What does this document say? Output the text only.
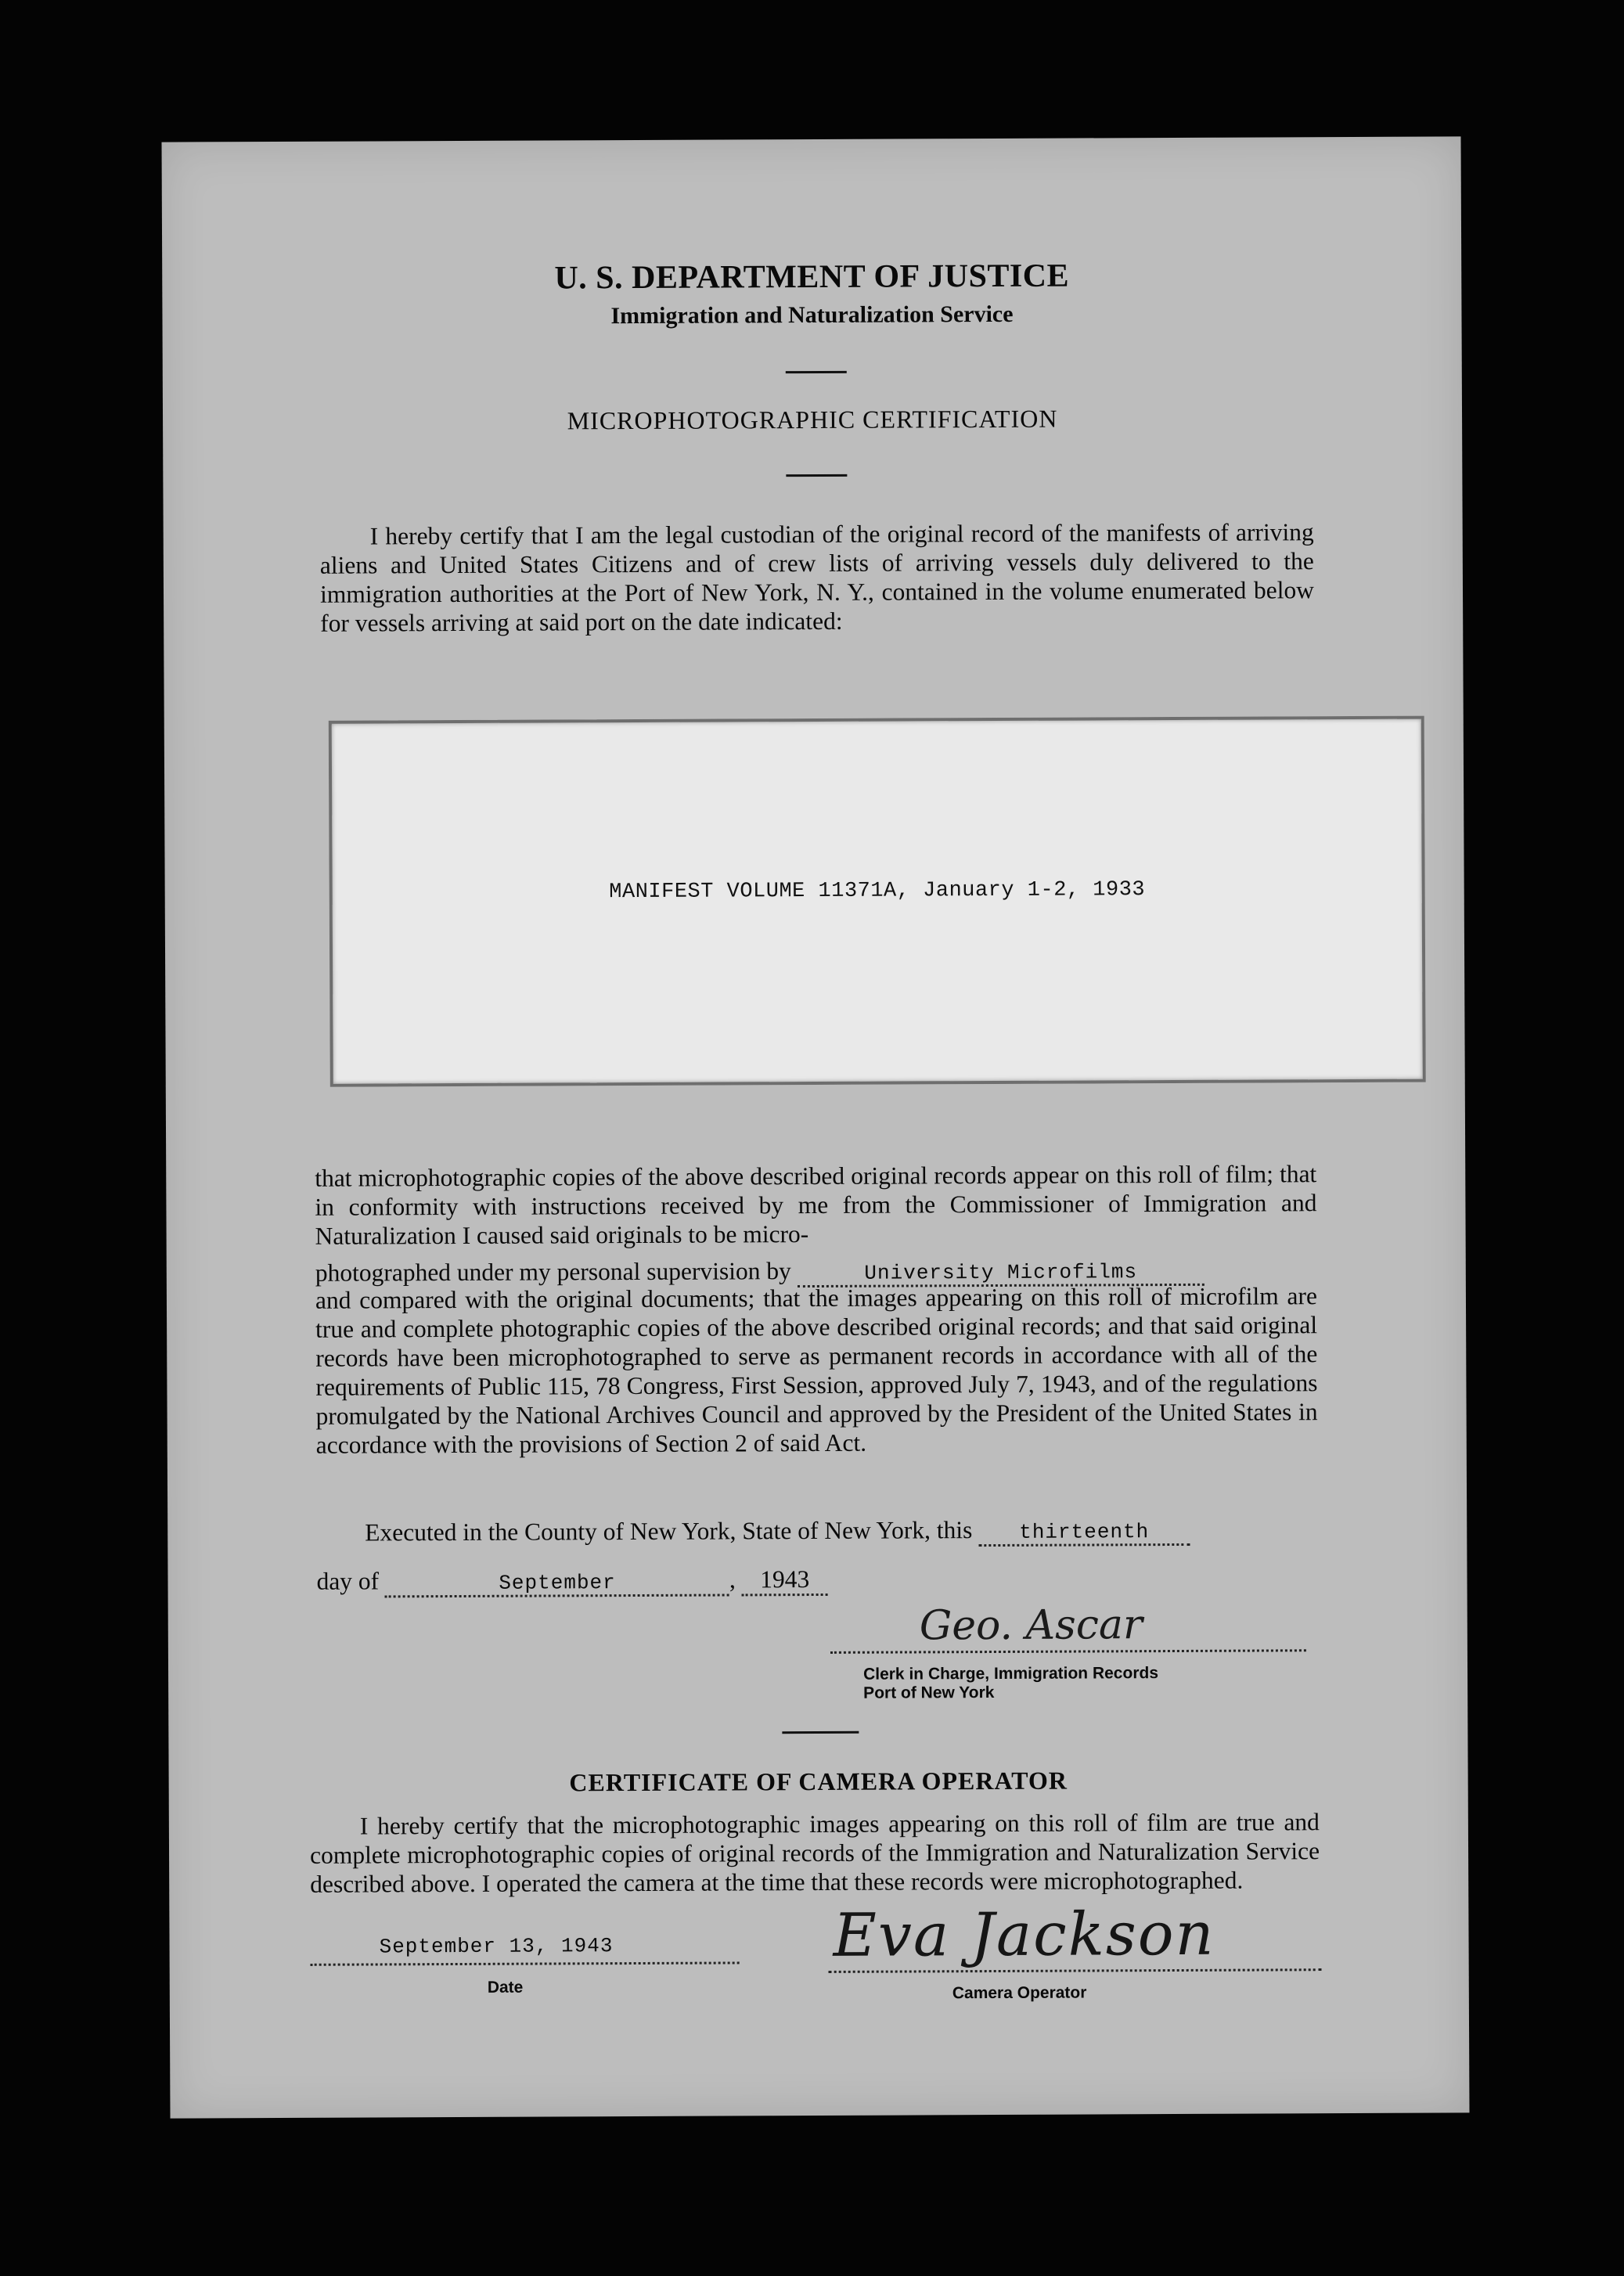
U. S. DEPARTMENT OF JUSTICE
Immigration and Naturalization Service
MICROPHOTOGRAPHIC CERTIFICATION
I hereby certify that I am the legal custodian of the original record of the manifests of arriving aliens and United States Citizens and of crew lists of arriving vessels duly delivered to the immigration authorities at the Port of New York, N. Y., contained in the volume enumerated below for vessels arriving at said port on the date indicated:
MANIFEST VOLUME 11371A, January 1-2, 1933
that microphotographic copies of the above described original records appear on this roll of film; that in conformity with instructions received by me from the Commissioner of Immigration and Naturalization I caused said originals to be micro-
photographed under my personal supervision by	University Microfilms
and compared with the original documents; that the images appearing on this roll of microfilm are true and complete photographic copies of the above described original records; and that said original records have been microphotographed to serve as permanent records in accordance with all of the requirements of Public 115, 78 Congress, First Session, approved July 7, 1943, and of the regulations promulgated by the National Archives Council and approved by the President of the United States in accordance with the provisions of Section 2 of said Act.
Executed in the County of New York, State of New York, this thirteenth
day of	September	, 1943
Geo. Ascar
Clerk in Charge, Immigration Records
Port of New York
CERTIFICATE OF CAMERA OPERATOR
I hereby certify that the microphotographic images appearing on this roll of film are true and complete microphotographic copies of original records of the Immigration and Naturalization Service described above. I operated the camera at the time that these records were microphotographed.
September 13, 1943
Date
Eva Jackson
Camera Operator
